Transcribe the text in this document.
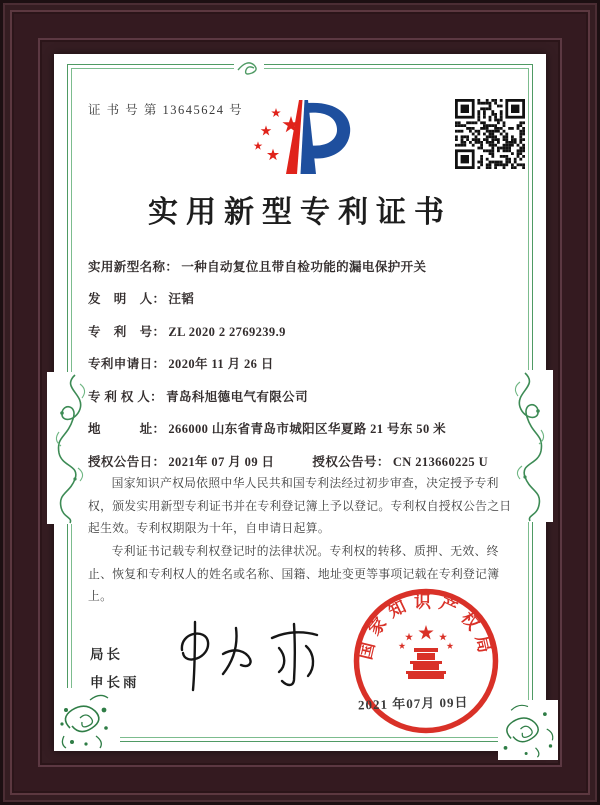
证 书 号 第 13645624 号
实用新型专利证书
实用新型名称： 一种自动复位且带自检功能的漏电保护开关
发　明　人： 汪韬
专　利　号： ZL 2020 2 2769239.9
专利申请日： 2020年 11 月 26 日
专 利 权 人： 青岛科旭德电气有限公司
地　　　址： 266000 山东省青岛市城阳区华夏路 21 号东 50 米
授权公告日： 2021年 07 月 09 日	授权公告号： CN 213660225 U

国家知识产权局依照中华人民共和国专利法经过初步审查，决定授予专利权，颁发实用新型专利证书并在专利登记簿上予以登记。专利权自授权公告之日起生效。专利权期限为十年，自申请日起算。

专利证书记载专利权登记时的法律状况。专利权的转移、质押、无效、终止、恢复和专利权人的姓名或名称、国籍、地址变更等事项记载在专利登记簿上。

局长
申长雨
国家知识产权局
2021 年07月 09日
